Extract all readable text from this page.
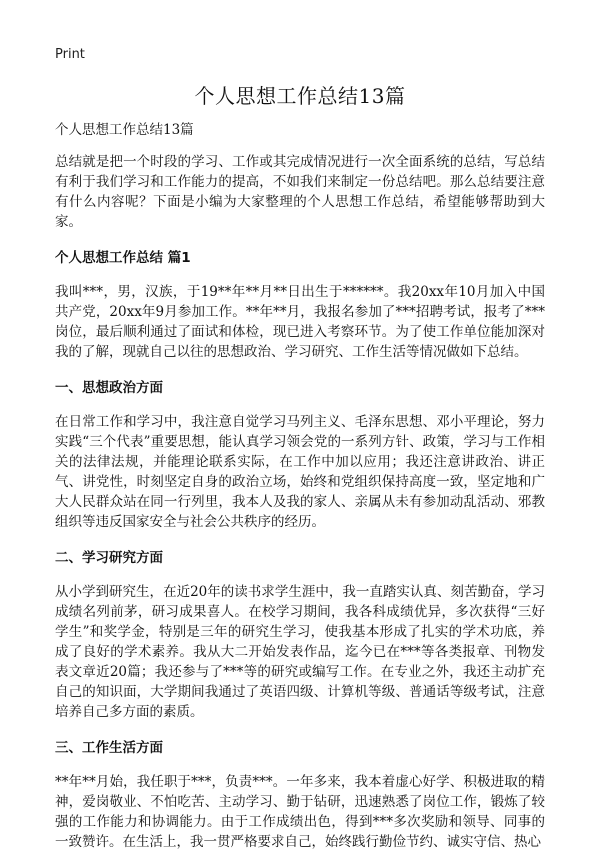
Print
个人思想工作总结13篇

个人思想工作总结13篇

总结就是把一个时段的学习、工作或其完成情况进行一次全面系统的总结，写总结有利于我们学习和工作能力的提高，不如我们来制定一份总结吧。那么总结要注意有什么内容呢？下面是小编为大家整理的个人思想工作总结，希望能够帮助到大家。

个人思想工作总结 篇1

我叫***，男，汉族，于19**年**月**日出生于******。我20xx年10月加入中国共产党，20xx年9月参加工作。**年**月，我报名参加了***招聘考试，报考了***岗位，最后顺利通过了面试和体检，现已进入考察环节。为了使工作单位能加深对我的了解，现就自己以往的思想政治、学习研究、工作生活等情况做如下总结。

一、思想政治方面

在日常工作和学习中，我注意自觉学习马列主义、毛泽东思想、邓小平理论，努力实践“三个代表”重要思想，能认真学习领会党的一系列方针、政策，学习与工作相关的法律法规，并能理论联系实际，在工作中加以应用；我还注意讲政治、讲正气、讲党性，时刻坚定自身的政治立场，始终和党组织保持高度一致，坚定地和广大人民群众站在同一行列里，我本人及我的家人、亲属从未有参加动乱活动、邪教组织等违反国家安全与社会公共秩序的经历。

二、学习研究方面

从小学到研究生，在近20年的读书求学生涯中，我一直踏实认真、刻苦勤奋，学习成绩名列前茅，研习成果喜人。在校学习期间，我各科成绩优异，多次获得“三好学生”和奖学金，特别是三年的研究生学习，使我基本形成了扎实的学术功底，养成了良好的学术素养。我从大二开始发表作品，迄今已在***等各类报章、刊物发表文章近20篇；我还参与了***等的研究或编写工作。在专业之外，我还主动扩充自己的知识面，大学期间我通过了英语四级、计算机等级、普通话等级考试，注意培养自己多方面的素质。

三、工作生活方面

**年**月始，我任职于***，负责***。一年多来，我本着虚心好学、积极进取的精神，爱岗敬业、不怕吃苦、主动学习、勤于钻研，迅速熟悉了岗位工作，锻炼了较强的工作能力和协调能力。由于工作成绩出色，得到***多次奖励和领导、同事的一致赞许。在生活上，我一贯严格要求自己，始终践行勤俭节约、诚实守信、热心
